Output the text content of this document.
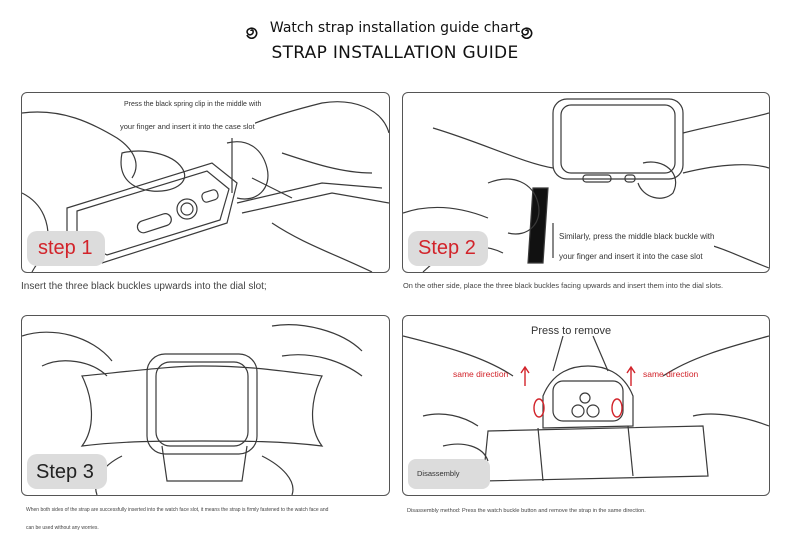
Watch strap installation guide chart
STRAP INSTALLATION GUIDE
Press the black spring clip in the middle with
your finger and insert it into the case slot
step 1
Insert the three black buckles upwards into the dial slot;
Similarly, press the middle black buckle with
your finger and insert it into the case slot
Step 2
On the other side, place the three black buckles facing upwards and insert them into the dial slots.
Step 3
When both sides of the strap are successfully inserted into the watch face slot, it means the strap is firmly fastened to the watch face and
can be used without any worries.
Press to remove
same direction	same direction
Disassembly
Disassembly method: Press the watch buckle button and remove the strap in the same direction.
